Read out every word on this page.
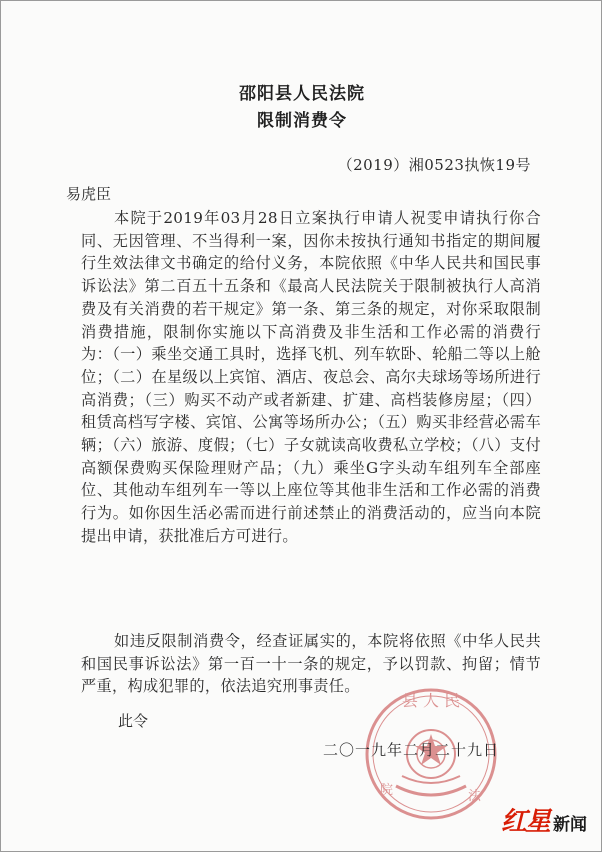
邵阳县人民法院
限制消费令
（2019）湘0523执恢19号
易虎臣

本院于2019年03月28日立案执行申请人祝雯申请执行你合同、无因管理、不当得利一案，因你未按执行通知书指定的期间履行生效法律文书确定的给付义务，本院依照《中华人民共和国民事诉讼法》第二百五十五条和《最高人民法院关于限制被执行人高消费及有关消费的若干规定》第一条、第三条的规定，对你采取限制消费措施，限制你实施以下高消费及非生活和工作必需的消费行为：（一）乘坐交通工具时，选择飞机、列车软卧、轮船二等以上舱位；（二）在星级以上宾馆、酒店、夜总会、高尔夫球场等场所进行高消费；（三）购买不动产或者新建、扩建、高档装修房屋；（四）租赁高档写字楼、宾馆、公寓等场所办公；（五）购买非经营必需车辆；（六）旅游、度假；（七）子女就读高收费私立学校；（八）支付高额保费购买保险理财产品；（九）乘坐G字头动车组列车全部座位、其他动车组列车一等以上座位等其他非生活和工作必需的消费行为。如你因生活必需而进行前述禁止的消费活动的，应当向本院提出申请，获批准后方可进行。

如违反限制消费令，经查证属实的，本院将依照《中华人民共和国民事诉讼法》第一百一十一条的规定，予以罚款、拘留；情节严重，构成犯罪的，依法追究刑事责任。

此令
县 人 民
院	法
二〇一九年二月二十九日
红星 新闻
